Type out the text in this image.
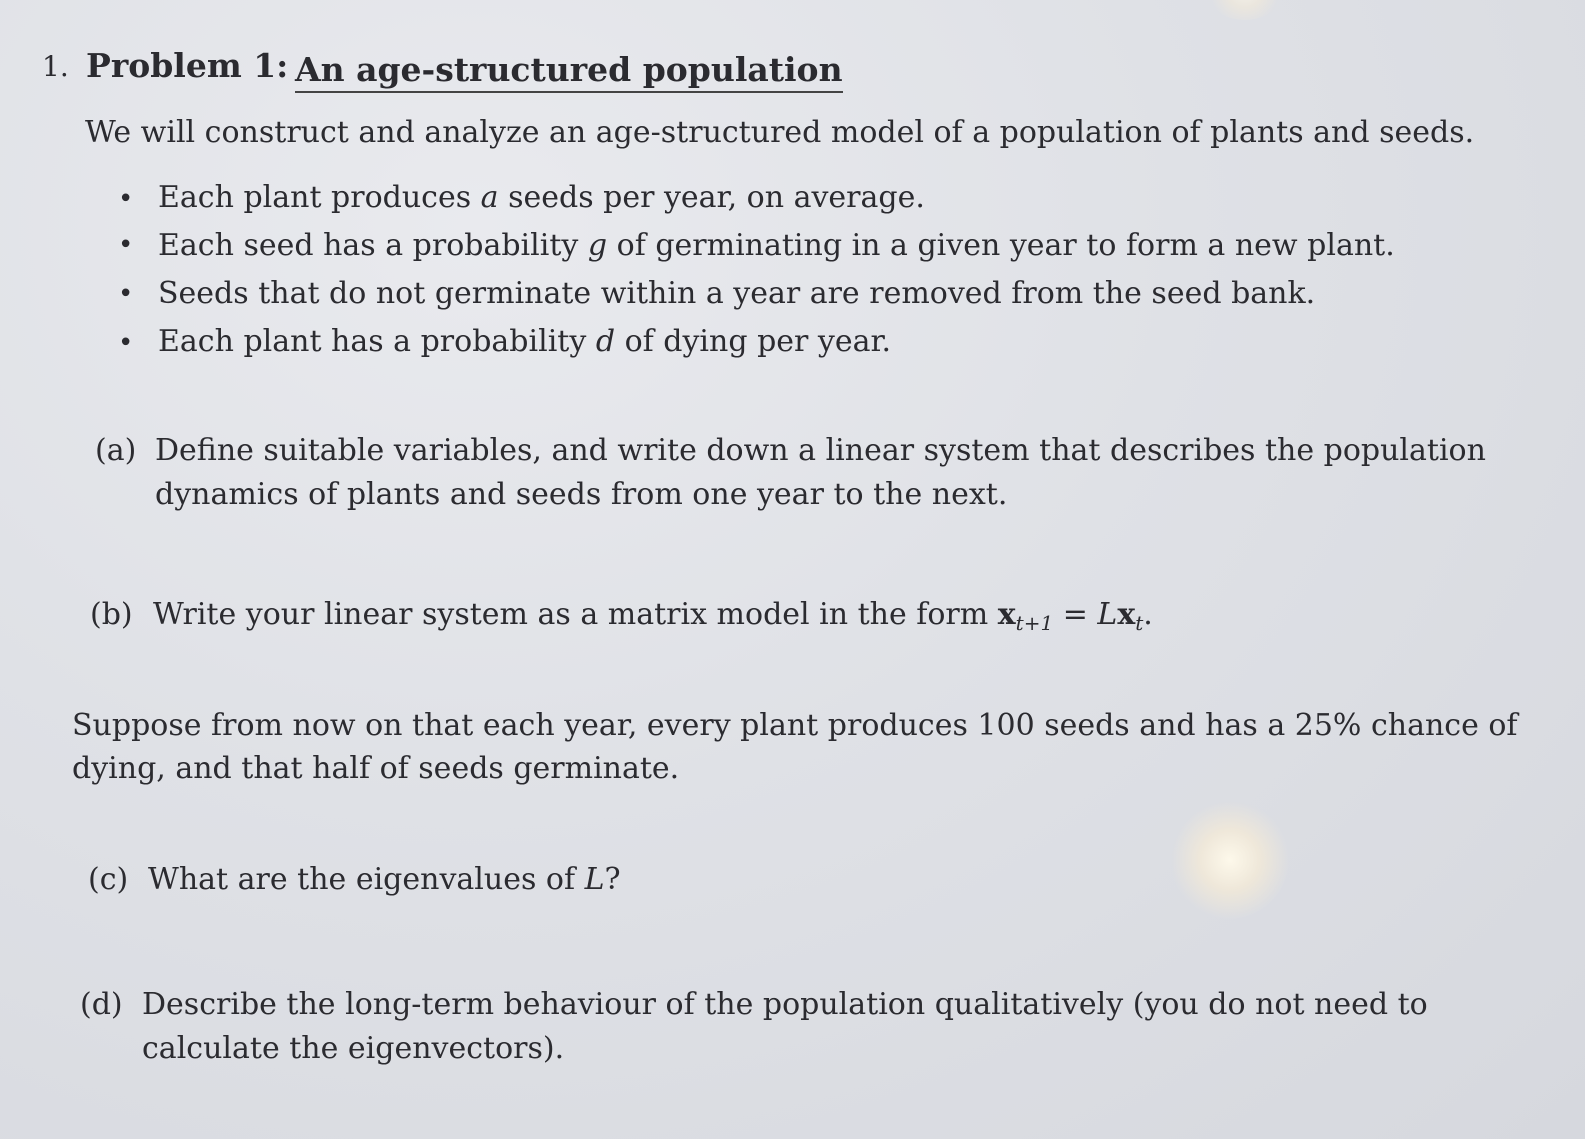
1. Problem 1: An age-structured population
We will construct and analyze an age-structured model of a population of plants and seeds.
• Each plant produces a seeds per year, on average.
• Each seed has a probability g of germinating in a given year to form a new plant.
• Seeds that do not germinate within a year are removed from the seed bank.
• Each plant has a probability d of dying per year.
(a) Define suitable variables, and write down a linear system that describes the population
dynamics of plants and seeds from one year to the next.
(b) Write your linear system as a matrix model in the form $x_{t+1} = Lx_t$.
Suppose from now on that each year, every plant produces 100 seeds and has a 25% chance of
dying, and that half of seeds germinate.
(c) What are the eigenvalues of L?
(d) Describe the long-term behaviour of the population qualitatively (you do not need to
calculate the eigenvectors).
